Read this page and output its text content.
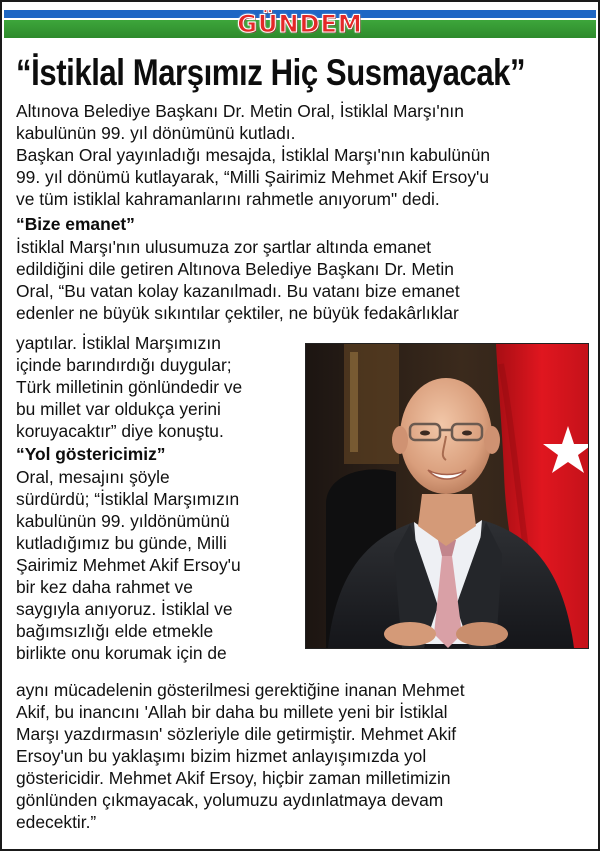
GÜNDEM
“İstiklal Marşımız Hiç Susmayacak”
Altınova Belediye Başkanı Dr. Metin Oral, İstiklal Marşı'nın
kabulünün 99. yıl dönümünü kutladı.
Başkan Oral yayınladığı mesajda, İstiklal Marşı'nın kabulünün
99. yıl dönümü kutlayarak, “Milli Şairimiz Mehmet Akif Ersoy'u
ve tüm istiklal kahramanlarını rahmetle anıyorum" dedi.
“Bize emanet”
İstiklal Marşı'nın ulusumuza zor şartlar altında emanet
edildiğini dile getiren Altınova Belediye Başkanı Dr. Metin
Oral, “Bu vatan kolay kazanılmadı. Bu vatanı bize emanet
edenler ne büyük sıkıntılar çektiler, ne büyük fedakârlıklar
yaptılar. İstiklal Marşımızın
içinde barındırdığı duygular;
Türk milletinin gönlündedir ve
bu millet var oldukça yerini
koruyacaktır” diye konuştu.
“Yol göstericimiz”
Oral, mesajını şöyle
sürdürdü; “İstiklal Marşımızın
kabulünün 99. yıldönümünü
kutladığımız bu günde, Milli
Şairimiz Mehmet Akif Ersoy'u
bir kez daha rahmet ve
saygıyla anıyoruz. İstiklal ve
bağımsızlığı elde etmekle
birlikte onu korumak için de
aynı mücadelenin gösterilmesi gerektiğine inanan Mehmet
Akif, bu inancını 'Allah bir daha bu millete yeni bir İstiklal
Marşı yazdırmasın' sözleriyle dile getirmiştir. Mehmet Akif
Ersoy'un bu yaklaşımı bizim hizmet anlayışımızda yol
göstericidir. Mehmet Akif Ersoy, hiçbir zaman milletimizin
gönlünden çıkmayacak, yolumuzu aydınlatmaya devam
edecektir.”
